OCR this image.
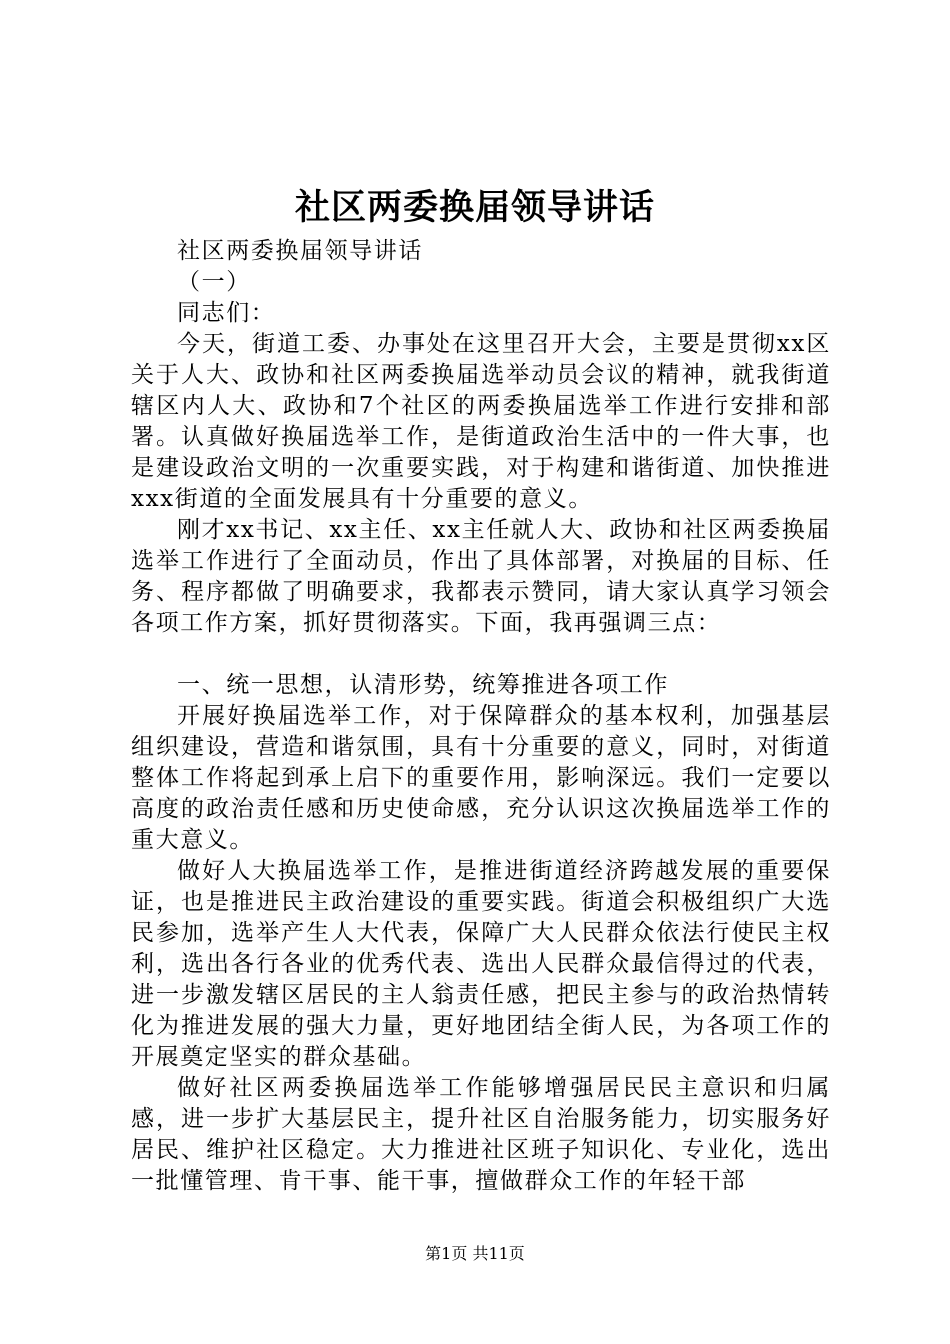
社区两委换届领导讲话

社区两委换届领导讲话

（一）

同志们：

今天，街道工委、办事处在这里召开大会，主要是贯彻xx区关于人大、政协和社区两委换届选举动员会议的精神，就我街道辖区内人大、政协和7个社区的两委换届选举工作进行安排和部署。认真做好换届选举工作，是街道政治生活中的一件大事，也是建设政治文明的一次重要实践，对于构建和谐街道、加快推进xxx街道的全面发展具有十分重要的意义。

刚才xx书记、xx主任、xx主任就人大、政协和社区两委换届选举工作进行了全面动员，作出了具体部署，对换届的目标、任务、程序都做了明确要求，我都表示赞同，请大家认真学习领会各项工作方案，抓好贯彻落实。下面，我再强调三点：

一、统一思想，认清形势，统筹推进各项工作

开展好换届选举工作，对于保障群众的基本权利，加强基层组织建设，营造和谐氛围，具有十分重要的意义，同时，对街道整体工作将起到承上启下的重要作用，影响深远。我们一定要以高度的政治责任感和历史使命感，充分认识这次换届选举工作的重大意义。

做好人大换届选举工作，是推进街道经济跨越发展的重要保证，也是推进民主政治建设的重要实践。街道会积极组织广大选民参加，选举产生人大代表，保障广大人民群众依法行使民主权利，选出各行各业的优秀代表、选出人民群众最信得过的代表，进一步激发辖区居民的主人翁责任感，把民主参与的政治热情转化为推进发展的强大力量，更好地团结全街人民，为各项工作的开展奠定坚实的群众基础。

做好社区两委换届选举工作能够增强居民民主意识和归属感，进一步扩大基层民主，提升社区自治服务能力，切实服务好居民、维护社区稳定。大力推进社区班子知识化、专业化，选出一批懂管理、肯干事、能干事，擅做群众工作的年轻干部

第1页 共11页
